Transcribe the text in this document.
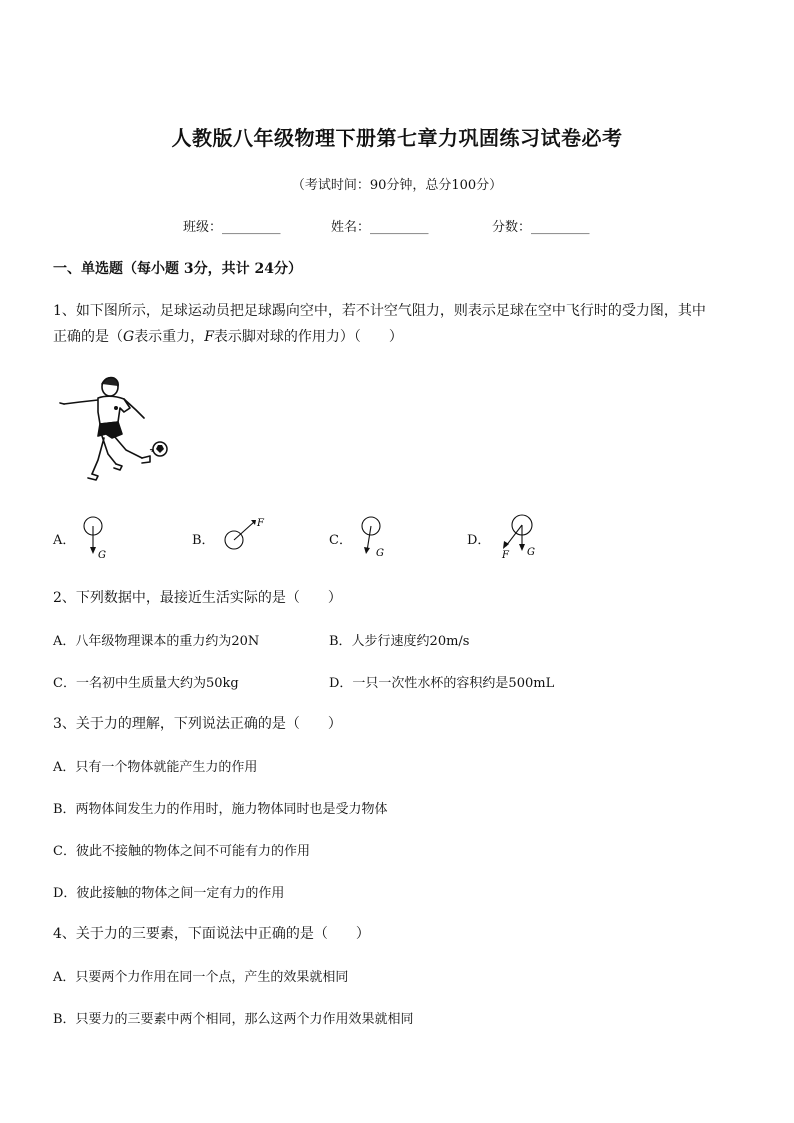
人教版八年级物理下册第七章力巩固练习试卷必考
（考试时间：90分钟，总分100分）
班级：_________	姓名：_________	分数：_________
一、单选题（每小题 3分，共计 24分）
1、如下图所示，足球运动员把足球踢向空中，若不计空气阻力，则表示足球在空中飞行时的受力图，其中
正确的是（G表示重力，F表示脚对球的作用力）（　　）
A．
G
B．
F
C．
G
D．
F G
2、下列数据中，最接近生活实际的是（　　）
A．八年级物理课本的重力约为20N	B．人步行速度约20m/s
C．一名初中生质量大约为50kg	D．一只一次性水杯的容积约是500mL
3、关于力的理解，下列说法正确的是（　　）
A．只有一个物体就能产生力的作用
B．两物体间发生力的作用时，施力物体同时也是受力物体
C．彼此不接触的物体之间不可能有力的作用
D．彼此接触的物体之间一定有力的作用
4、关于力的三要素，下面说法中正确的是（　　）
A．只要两个力作用在同一个点，产生的效果就相同
B．只要力的三要素中两个相同，那么这两个力作用效果就相同
